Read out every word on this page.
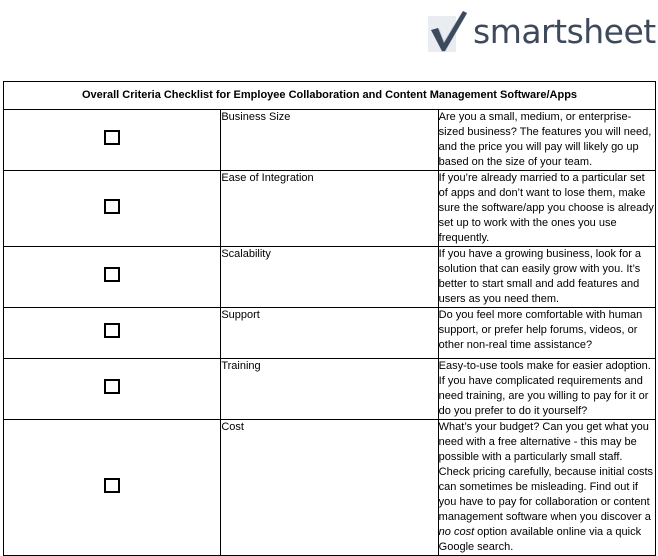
smartsheet
Overall Criteria Checklist for Employee Collaboration and Content Management Software/Apps		
	Business Size	Are you a small, medium, or enterprise-sized business? The features you will need, and the price you will pay will likely go up based on the size of your team.
	Ease of Integration	If you’re already married to a particular set of apps and don’t want to lose them, make sure the software/app you choose is already set up to work with the ones you use frequently.
	Scalability	If you have a growing business, look for a solution that can easily grow with you. It’s better to start small and add features and users as you need them.
	Support	Do you feel more comfortable with human support, or prefer help forums, videos, or other non-real time assistance?
	Training	Easy-to-use tools make for easier adoption. If you have complicated requirements and need training, are you willing to pay for it or do you prefer to do it yourself?
	Cost	What’s your budget? Can you get what you need with a free alternative - this may be possible with a particularly small staff. Check pricing carefully, because initial costs can sometimes be misleading. Find out if you have to pay for collaboration or content management software when you discover a no cost option available online via a quick Google search.
